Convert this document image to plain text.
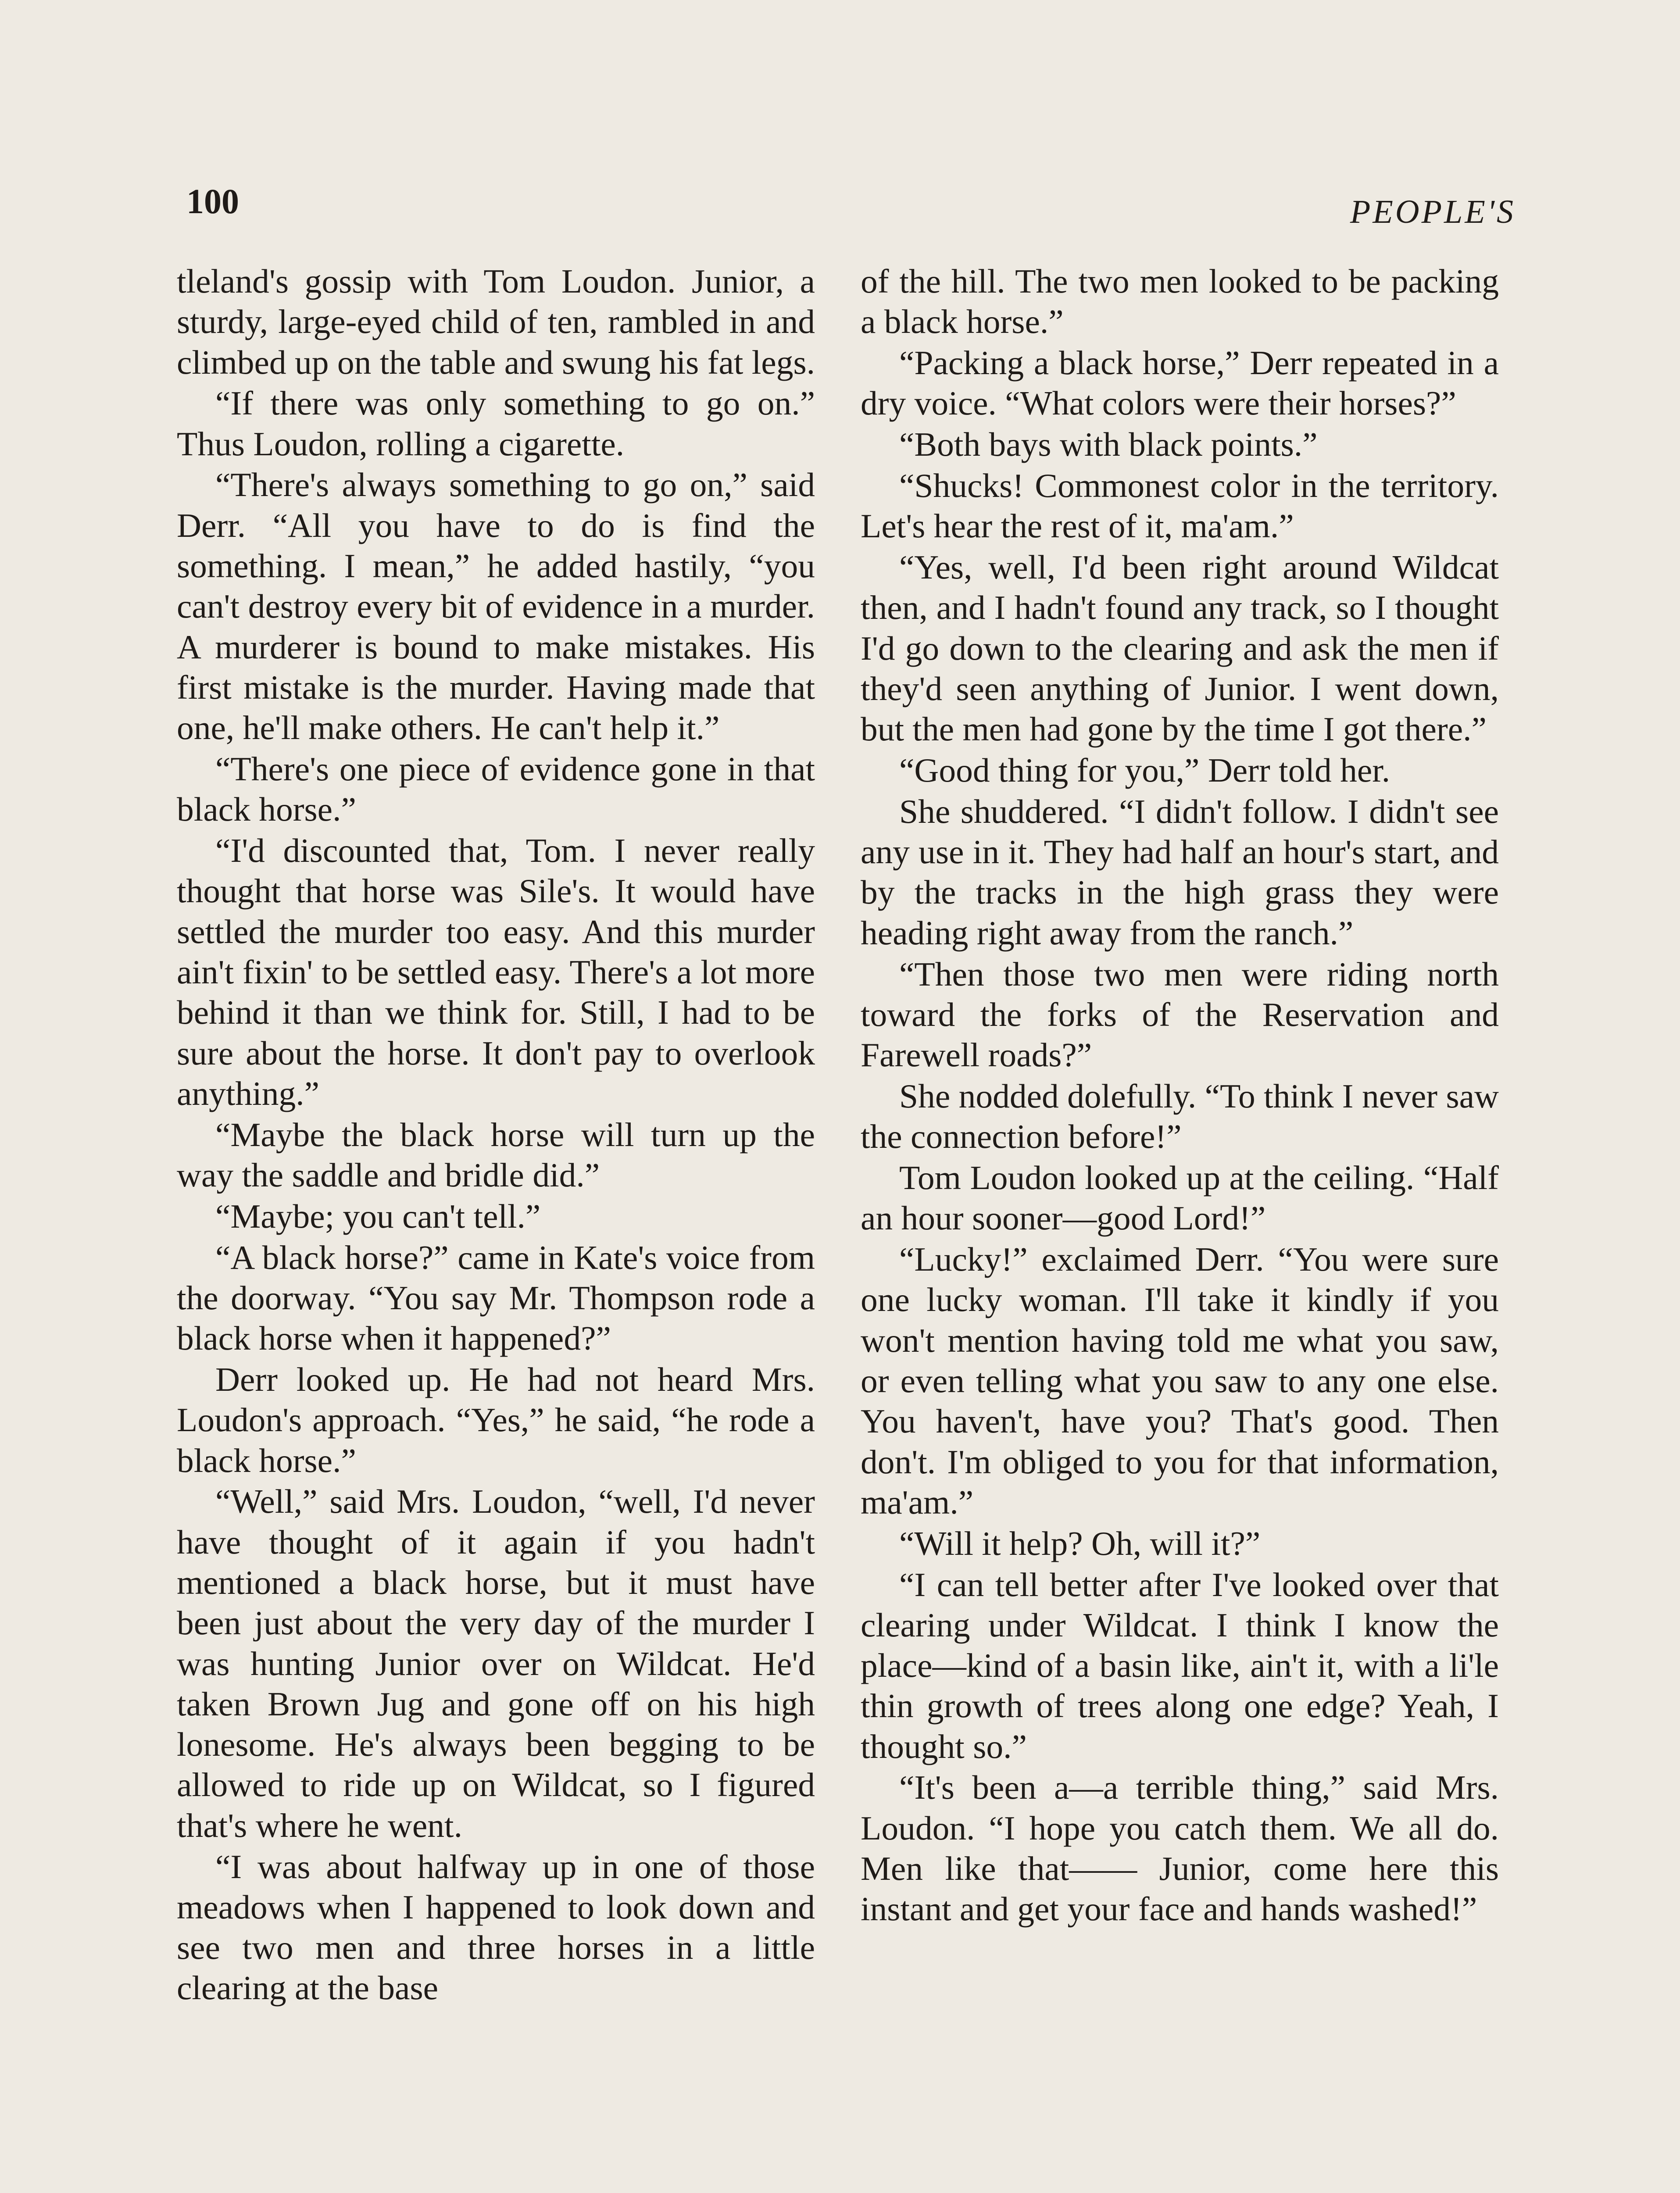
100	PEOPLE'S

tleland's gossip with Tom Loudon. Junior, a sturdy, large-eyed child of ten, rambled in and climbed up on the table and swung his fat legs.

“If there was only something to go on.” Thus Loudon, rolling a cigarette.

“There's always something to go on,” said Derr. “All you have to do is find the something. I mean,” he added hastily, “you can't destroy every bit of evidence in a murder. A murderer is bound to make mistakes. His first mistake is the murder. Having made that one, he'll make others. He can't help it.”

“There's one piece of evidence gone in that black horse.”

“I'd discounted that, Tom. I never really thought that horse was Sile's. It would have settled the murder too easy. And this murder ain't fixin' to be settled easy. There's a lot more behind it than we think for. Still, I had to be sure about the horse. It don't pay to overlook anything.”

“Maybe the black horse will turn up the way the saddle and bridle did.”

“Maybe; you can't tell.”

“A black horse?” came in Kate's voice from the doorway. “You say Mr. Thompson rode a black horse when it happened?”

Derr looked up. He had not heard Mrs. Loudon's approach. “Yes,” he said, “he rode a black horse.”

“Well,” said Mrs. Loudon, “well, I'd never have thought of it again if you hadn't mentioned a black horse, but it must have been just about the very day of the murder I was hunting Junior over on Wildcat. He'd taken Brown Jug and gone off on his high lonesome. He's always been begging to be allowed to ride up on Wildcat, so I figured that's where he went.

“I was about halfway up in one of those meadows when I happened to look down and see two men and three horses in a little clearing at the base

of the hill. The two men looked to be packing a black horse.”

“Packing a black horse,” Derr repeated in a dry voice. “What colors were their horses?”

“Both bays with black points.”

“Shucks! Commonest color in the territory. Let's hear the rest of it, ma'am.”

“Yes, well, I'd been right around Wildcat then, and I hadn't found any track, so I thought I'd go down to the clearing and ask the men if they'd seen anything of Junior. I went down, but the men had gone by the time I got there.”

“Good thing for you,” Derr told her.

She shuddered. “I didn't follow. I didn't see any use in it. They had half an hour's start, and by the tracks in the high grass they were heading right away from the ranch.”

“Then those two men were riding north toward the forks of the Reservation and Farewell roads?”

She nodded dolefully. “To think I never saw the connection before!”

Tom Loudon looked up at the ceiling. “Half an hour sooner—good Lord!”

“Lucky!” exclaimed Derr. “You were sure one lucky woman. I'll take it kindly if you won't mention having told me what you saw, or even telling what you saw to any one else. You haven't, have you? That's good. Then don't. I'm obliged to you for that information, ma'am.”

“Will it help? Oh, will it?”

“I can tell better after I've looked over that clearing under Wildcat. I think I know the place—kind of a basin like, ain't it, with a li'le thin growth of trees along one edge? Yeah, I thought so.”

“It's been a—a terrible thing,” said Mrs. Loudon. “I hope you catch them. We all do. Men like that—— Junior, come here this instant and get your face and hands washed!”
